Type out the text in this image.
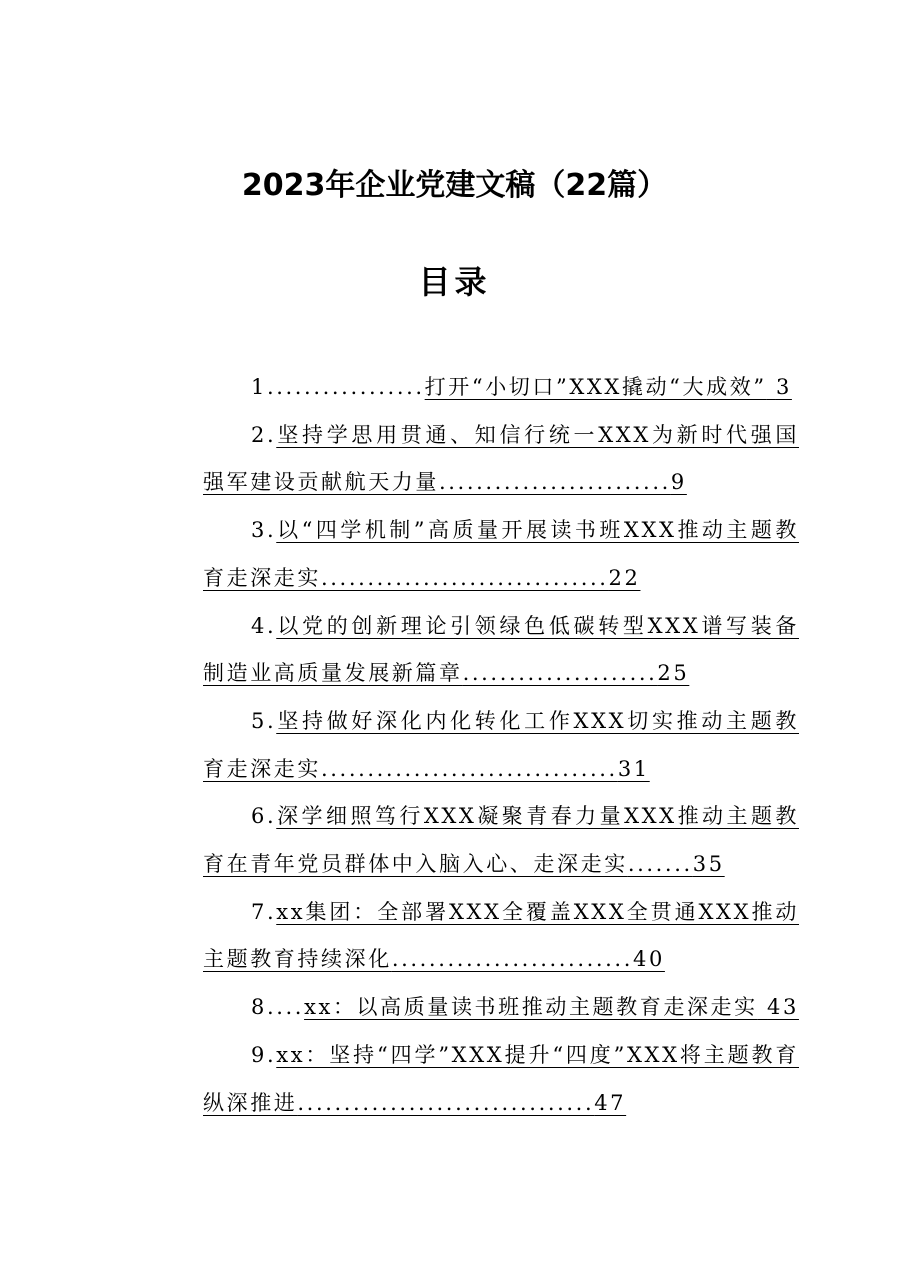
2023年企业党建文稿（22篇）
目录
1.................打开“小切口”XXX撬动“大成效” 3
2.坚持学思用贯通、知信行统一XXX为新时代强国强军建设贡献航天力量.........................9
3.以“四学机制”高质量开展读书班XXX推动主题教育走深走实...............................22
4.以党的创新理论引领绿色低碳转型XXX谱写装备制造业高质量发展新篇章.....................25
5.坚持做好深化内化转化工作XXX切实推动主题教育走深走实................................31
6.深学细照笃行XXX凝聚青春力量XXX推动主题教育在青年党员群体中入脑入心、走深走实.......35
7.xx集团：全部署XXX全覆盖XXX全贯通XXX推动主题教育持续深化..........................40
8....xx：以高质量读书班推动主题教育走深走实 43
9.xx：坚持“四学”XXX提升“四度”XXX将主题教育纵深推进................................47
